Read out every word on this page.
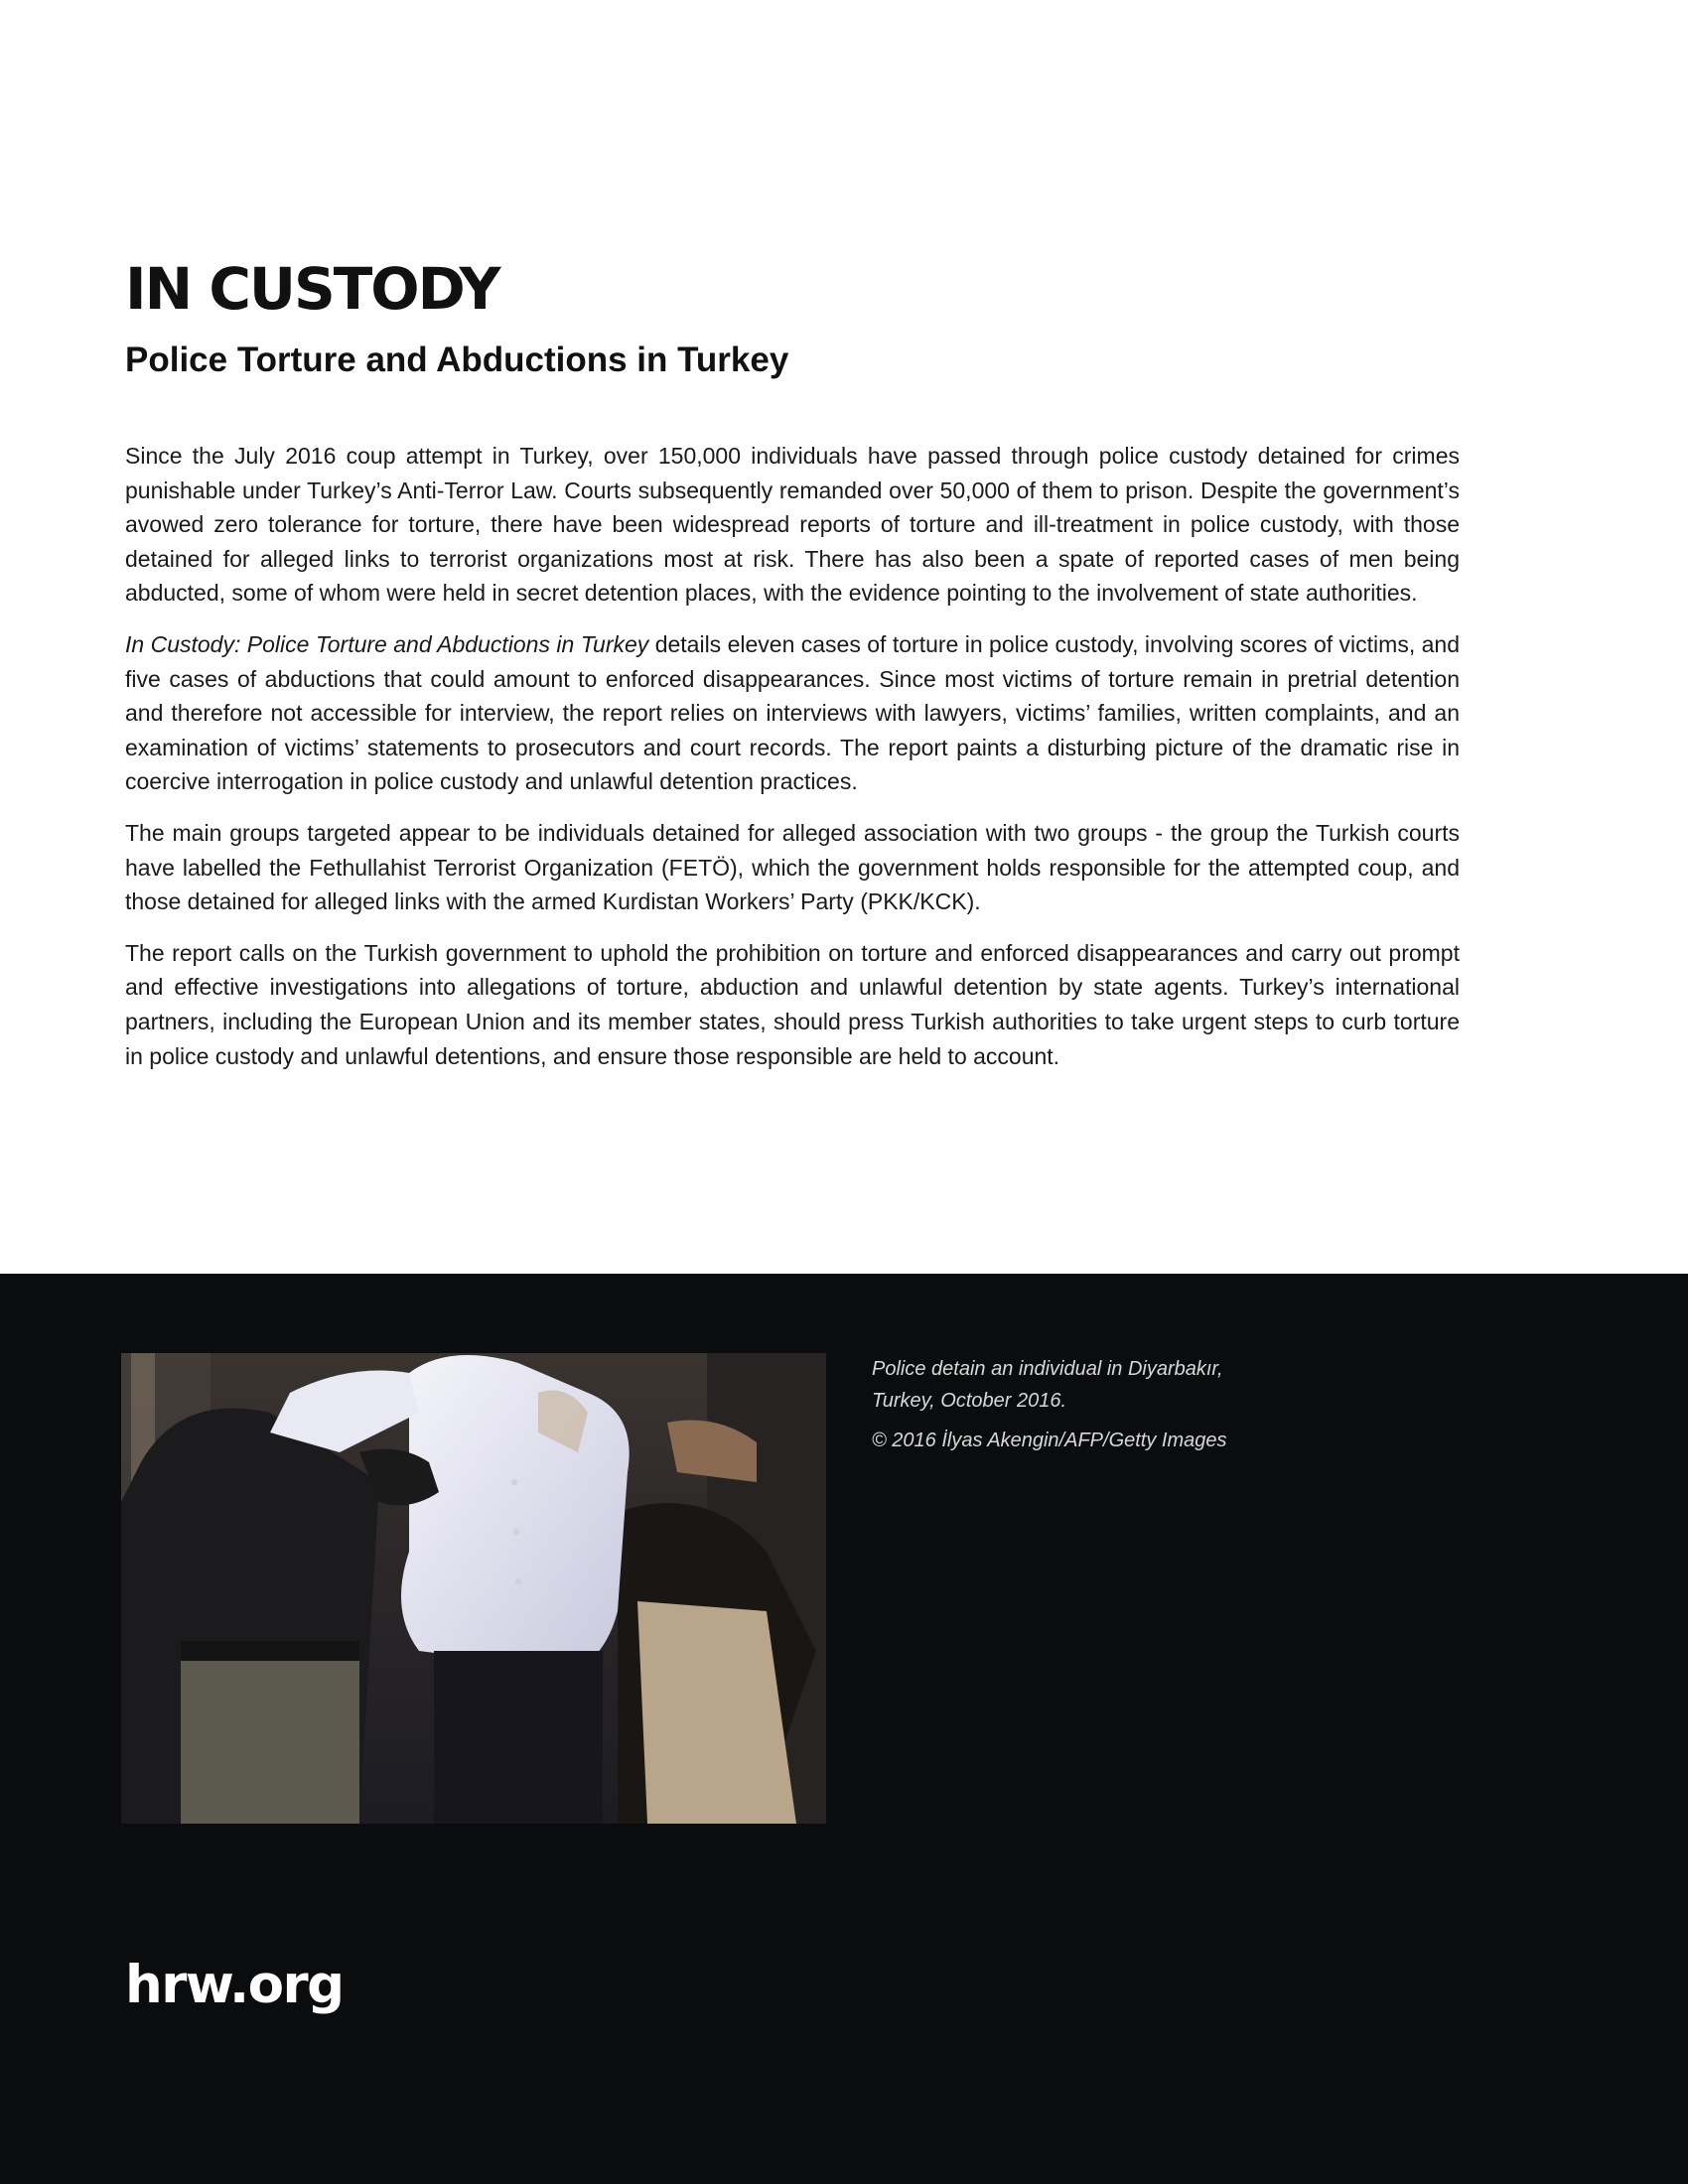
IN CUSTODY
Police Torture and Abductions in Turkey

Since the July 2016 coup attempt in Turkey, over 150,000 individuals have passed through police custody detained for crimes punishable under Turkey’s Anti-Terror Law. Courts subsequently remanded over 50,000 of them to prison. Despite the government’s avowed zero tolerance for torture, there have been widespread reports of torture and ill-treatment in police custody, with those detained for alleged links to terrorist organizations most at risk. There has also been a spate of reported cases of men being abducted, some of whom were held in secret detention places, with the evidence pointing to the involvement of state authorities.

In Custody: Police Torture and Abductions in Turkey details eleven cases of torture in police custody, involving scores of victims, and five cases of abductions that could amount to enforced disappearances. Since most victims of torture remain in pretrial detention and therefore not accessible for interview, the report relies on interviews with lawyers, victims’ families, written complaints, and an examination of victims’ statements to prosecutors and court records. The report paints a disturbing picture of the dramatic rise in coercive interrogation in police custody and unlawful detention practices.

The main groups targeted appear to be individuals detained for alleged association with two groups - the group the Turkish courts have labelled the Fethullahist Terrorist Organization (FETÖ), which the government holds responsible for the attempted coup, and those detained for alleged links with the armed Kurdistan Workers’ Party (PKK/KCK).

The report calls on the Turkish government to uphold the prohibition on torture and enforced disappearances and carry out prompt and effective investigations into allegations of torture, abduction and unlawful detention by state agents. Turkey’s international partners, including the European Union and its member states, should press Turkish authorities to take urgent steps to curb torture in police custody and unlawful detentions, and ensure those responsible are held to account.

Police detain an individual in Diyarbakır,

Turkey, October 2016.

© 2016 İlyas Akengin/AFP/Getty Images

hrw.org
